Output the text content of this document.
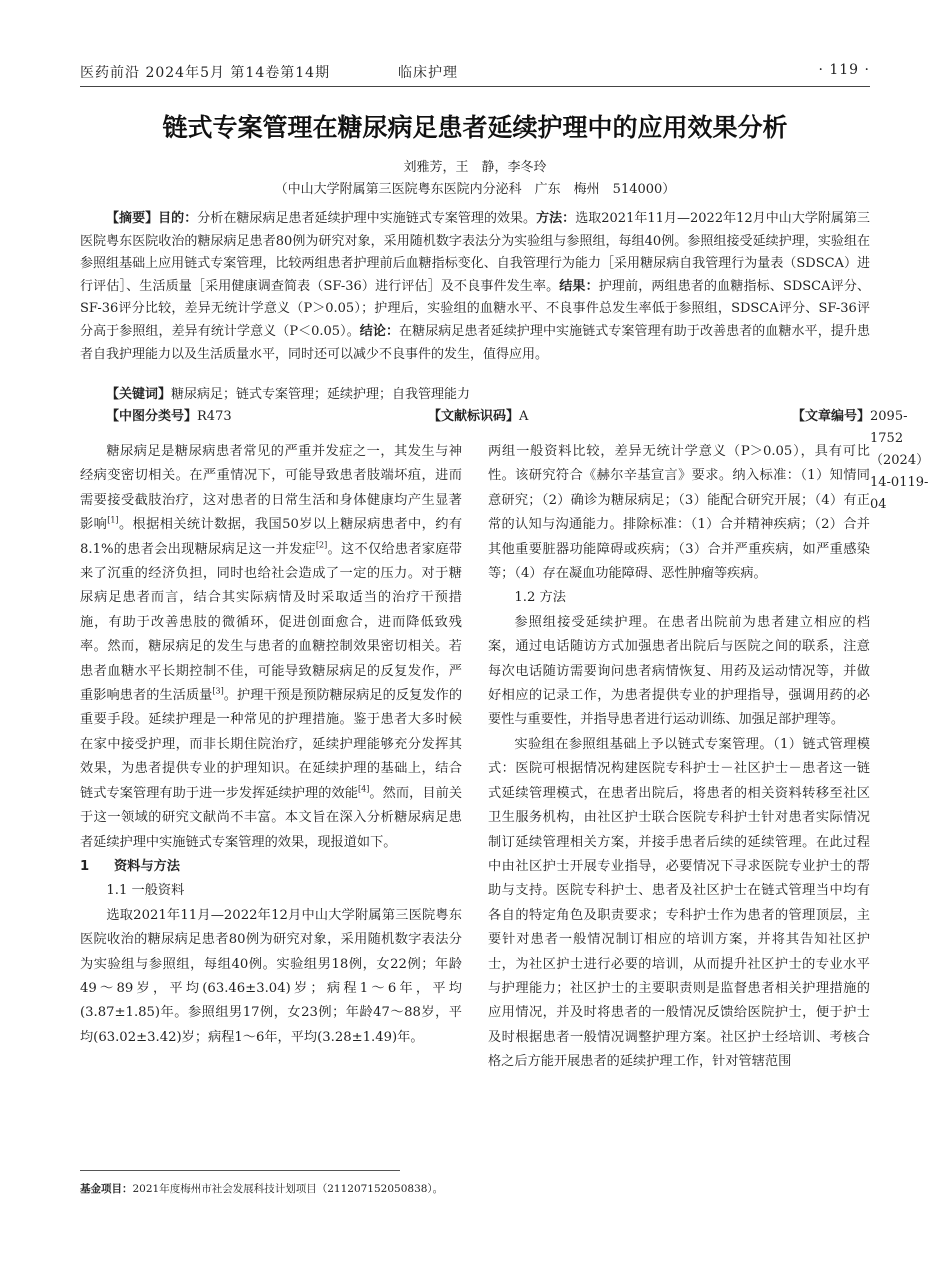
医药前沿 2024年5月 第14卷第14期	临床护理	· 119 ·
链式专案管理在糖尿病足患者延续护理中的应用效果分析
刘雅芳，王　静，李冬玲
（中山大学附属第三医院粤东医院内分泌科　广东　梅州　514000）
【摘要】目的：分析在糖尿病足患者延续护理中实施链式专案管理的效果。方法：选取2021年11月—2022年12月中山大学附属第三医院粤东医院收治的糖尿病足患者80例为研究对象，采用随机数字表法分为实验组与参照组，每组40例。参照组接受延续护理，实验组在参照组基础上应用链式专案管理，比较两组患者护理前后血糖指标变化、自我管理行为能力［采用糖尿病自我管理行为量表（SDSCA）进行评估］、生活质量［采用健康调查简表（SF-36）进行评估］及不良事件发生率。结果：护理前，两组患者的血糖指标、SDSCA评分、SF-36评分比较，差异无统计学意义（P＞0.05）；护理后，实验组的血糖水平、不良事件总发生率低于参照组，SDSCA评分、SF-36评分高于参照组，差异有统计学意义（P＜0.05）。结论：在糖尿病足患者延续护理中实施链式专案管理有助于改善患者的血糖水平，提升患者自我护理能力以及生活质量水平，同时还可以减少不良事件的发生，值得应用。
【关键词】糖尿病足；链式专案管理；延续护理；自我管理能力
【中图分类号】 R473	【文献标识码】 A	【文章编号】 2095-1752（2024）14-0119-04

糖尿病足是糖尿病患者常见的严重并发症之一，其发生与神经病变密切相关。在严重情况下，可能导致患者肢端坏疽，进而需要接受截肢治疗，这对患者的日常生活和身体健康均产生显著影响[1]。根据相关统计数据，我国50岁以上糖尿病患者中，约有8.1%的患者会出现糖尿病足这一并发症[2]。这不仅给患者家庭带来了沉重的经济负担，同时也给社会造成了一定的压力。对于糖尿病足患者而言，结合其实际病情及时采取适当的治疗干预措施，有助于改善患肢的微循环，促进创面愈合，进而降低致残率。然而，糖尿病足的发生与患者的血糖控制效果密切相关。若患者血糖水平长期控制不佳，可能导致糖尿病足的反复发作，严重影响患者的生活质量[3]。护理干预是预防糖尿病足的反复发作的重要手段。延续护理是一种常见的护理措施。鉴于患者大多时候在家中接受护理，而非长期住院治疗，延续护理能够充分发挥其效果，为患者提供专业的护理知识。在延续护理的基础上，结合链式专案管理有助于进一步发挥延续护理的效能[4]。然而，目前关于这一领域的研究文献尚不丰富。本文旨在深入分析糖尿病足患者延续护理中实施链式专案管理的效果，现报道如下。

1 资料与方法

1.1 一般资料

选取2021年11月—2022年12月中山大学附属第三医院粤东医院收治的糖尿病足患者80例为研究对象，采用随机数字表法分为实验组与参照组，每组40例。实验组男18例，女22例；年龄49～89岁，平均(63.46±3.04)岁；病程1～6年，平均(3.87±1.85)年。参照组男17例，女23例；年龄47～88岁，平均(63.02±3.42)岁；病程1～6年，平均(3.28±1.49)年。

两组一般资料比较，差异无统计学意义（P＞0.05），具有可比性。该研究符合《赫尔辛基宣言》要求。纳入标准：（1）知情同意研究；（2）确诊为糖尿病足；（3）能配合研究开展；（4）有正常的认知与沟通能力。排除标准：（1）合并精神疾病；（2）合并其他重要脏器功能障碍或疾病；（3）合并严重疾病，如严重感染等；（4）存在凝血功能障碍、恶性肿瘤等疾病。

1.2 方法

参照组接受延续护理。在患者出院前为患者建立相应的档案，通过电话随访方式加强患者出院后与医院之间的联系，注意每次电话随访需要询问患者病情恢复、用药及运动情况等，并做好相应的记录工作，为患者提供专业的护理指导，强调用药的必要性与重要性，并指导患者进行运动训练、加强足部护理等。

实验组在参照组基础上予以链式专案管理。（1）链式管理模式：医院可根据情况构建医院专科护士－社区护士－患者这一链式延续管理模式，在患者出院后，将患者的相关资料转移至社区卫生服务机构，由社区护士联合医院专科护士针对患者实际情况制订延续管理相关方案，并接手患者后续的延续管理。在此过程中由社区护士开展专业指导，必要情况下寻求医院专业护士的帮助与支持。医院专科护士、患者及社区护士在链式管理当中均有各自的特定角色及职责要求；专科护士作为患者的管理顶层，主要针对患者一般情况制订相应的培训方案，并将其告知社区护士，为社区护士进行必要的培训，从而提升社区护士的专业水平与护理能力；社区护士的主要职责则是监督患者相关护理措施的应用情况，并及时将患者的一般情况反馈给医院护士，便于护士及时根据患者一般情况调整护理方案。社区护士经培训、考核合格之后方能开展患者的延续护理工作，针对管辖范围

基金项目：2021年度梅州市社会发展科技计划项目（211207152050838）。
